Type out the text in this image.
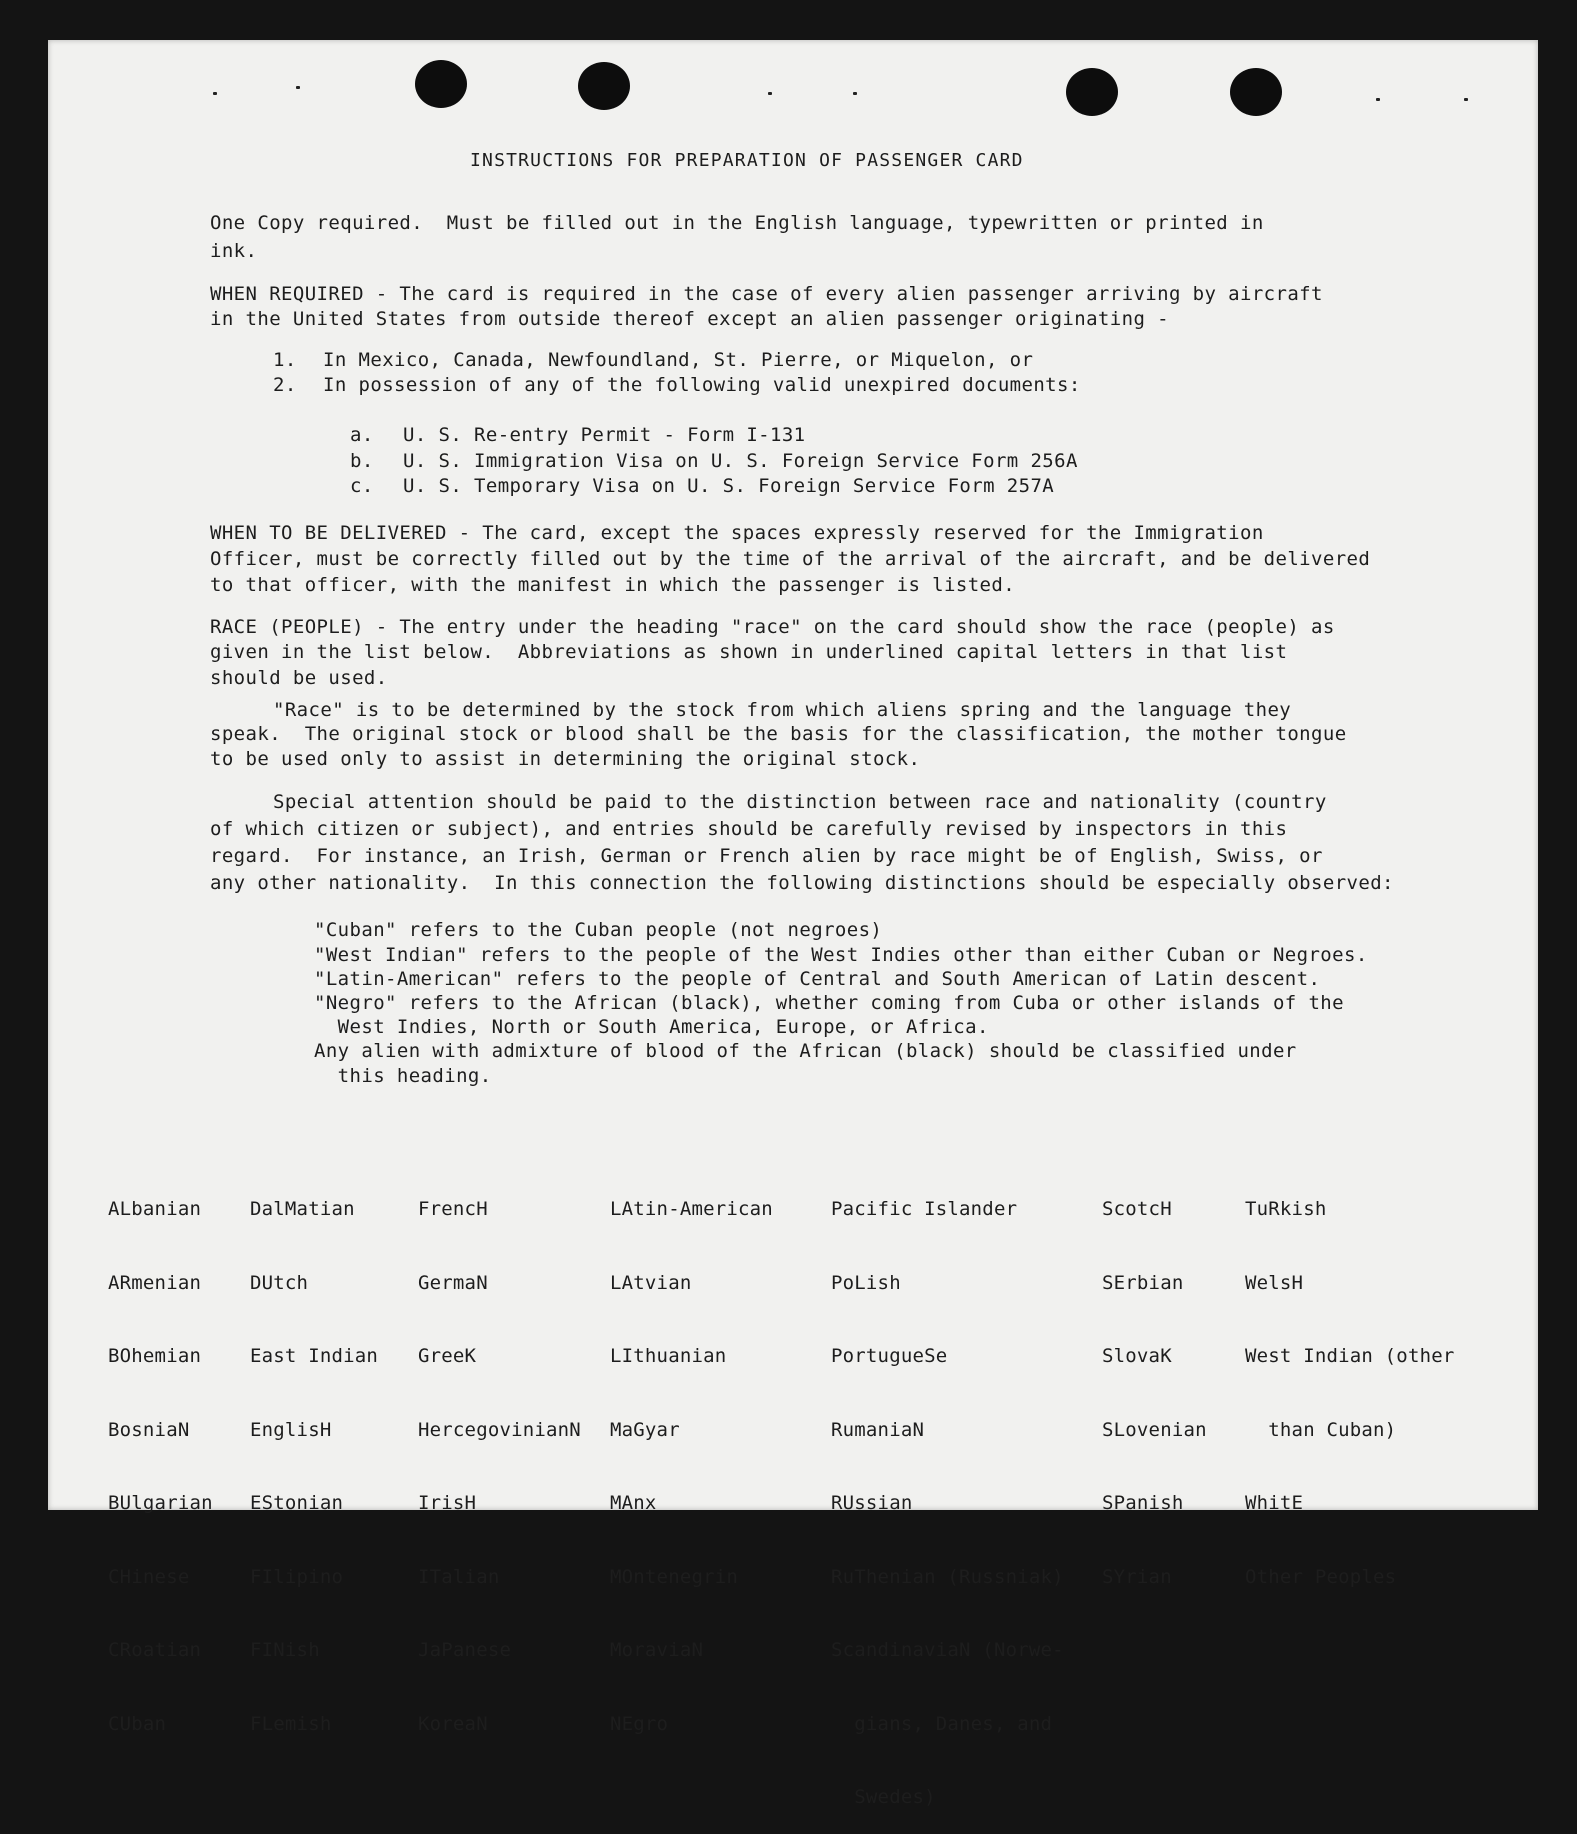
INSTRUCTIONS FOR PREPARATION OF PASSENGER CARD
One Copy required.  Must be filled out in the English language, typewritten or printed in
ink.
WHEN REQUIRED - The card is required in the case of every alien passenger arriving by aircraft
in the United States from outside thereof except an alien passenger originating -
1. In Mexico, Canada, Newfoundland, St. Pierre, or Miquelon, or
2. In possession of any of the following valid unexpired documents:
a. U. S. Re-entry Permit - Form I-131
b. U. S. Immigration Visa on U. S. Foreign Service Form 256A
c. U. S. Temporary Visa on U. S. Foreign Service Form 257A
WHEN TO BE DELIVERED - The card, except the spaces expressly reserved for the Immigration
Officer, must be correctly filled out by the time of the arrival of the aircraft, and be delivered
to that officer, with the manifest in which the passenger is listed.
RACE (PEOPLE) - The entry under the heading "race" on the card should show the race (people) as
given in the list below.  Abbreviations as shown in underlined capital letters in that list
should be used.
"Race" is to be determined by the stock from which aliens spring and the language they
speak.  The original stock or blood shall be the basis for the classification, the mother tongue
to be used only to assist in determining the original stock.
Special attention should be paid to the distinction between race and nationality (country
of which citizen or subject), and entries should be carefully revised by inspectors in this
regard.  For instance, an Irish, German or French alien by race might be of English, Swiss, or
any other nationality.  In this connection the following distinctions should be especially observed:
"Cuban" refers to the Cuban people (not negroes)
"West Indian" refers to the people of the West Indies other than either Cuban or Negroes.
"Latin-American" refers to the people of Central and South American of Latin descent.
"Negro" refers to the African (black), whether coming from Cuba or other islands of the
West Indies, North or South America, Europe, or Africa.
Any alien with admixture of blood of the African (black) should be classified under
this heading.

ALbanian

ARmenian

BOhemian

BosniaN

BUlgarian

CHinese

CRoatian

CUban

DalMatian

DUtch

East Indian

EnglisH

EStonian

FIlipino

FINish

FLemish

FrencH

GermaN

GreeK

HercegovinianN

IrisH

ITalian

JaPanese

KoreaN

LAtin-American

LAtvian

LIthuanian

MaGyar

MAnx

MOntenegrin

MoraviaN

NEgro

Pacific Islander

PoLish

PortugueSe

RumaniaN

RUssian

RuThenian (Russniak)

ScandinaviaN (Norwe-

gians, Danes, and

Swedes)

ScotcH

SErbian

SlovaK

SLovenian

SPanish

SYrian

TuRkish

WelsH

West Indian (other

than Cuban)

WhitE

Other Peoples
